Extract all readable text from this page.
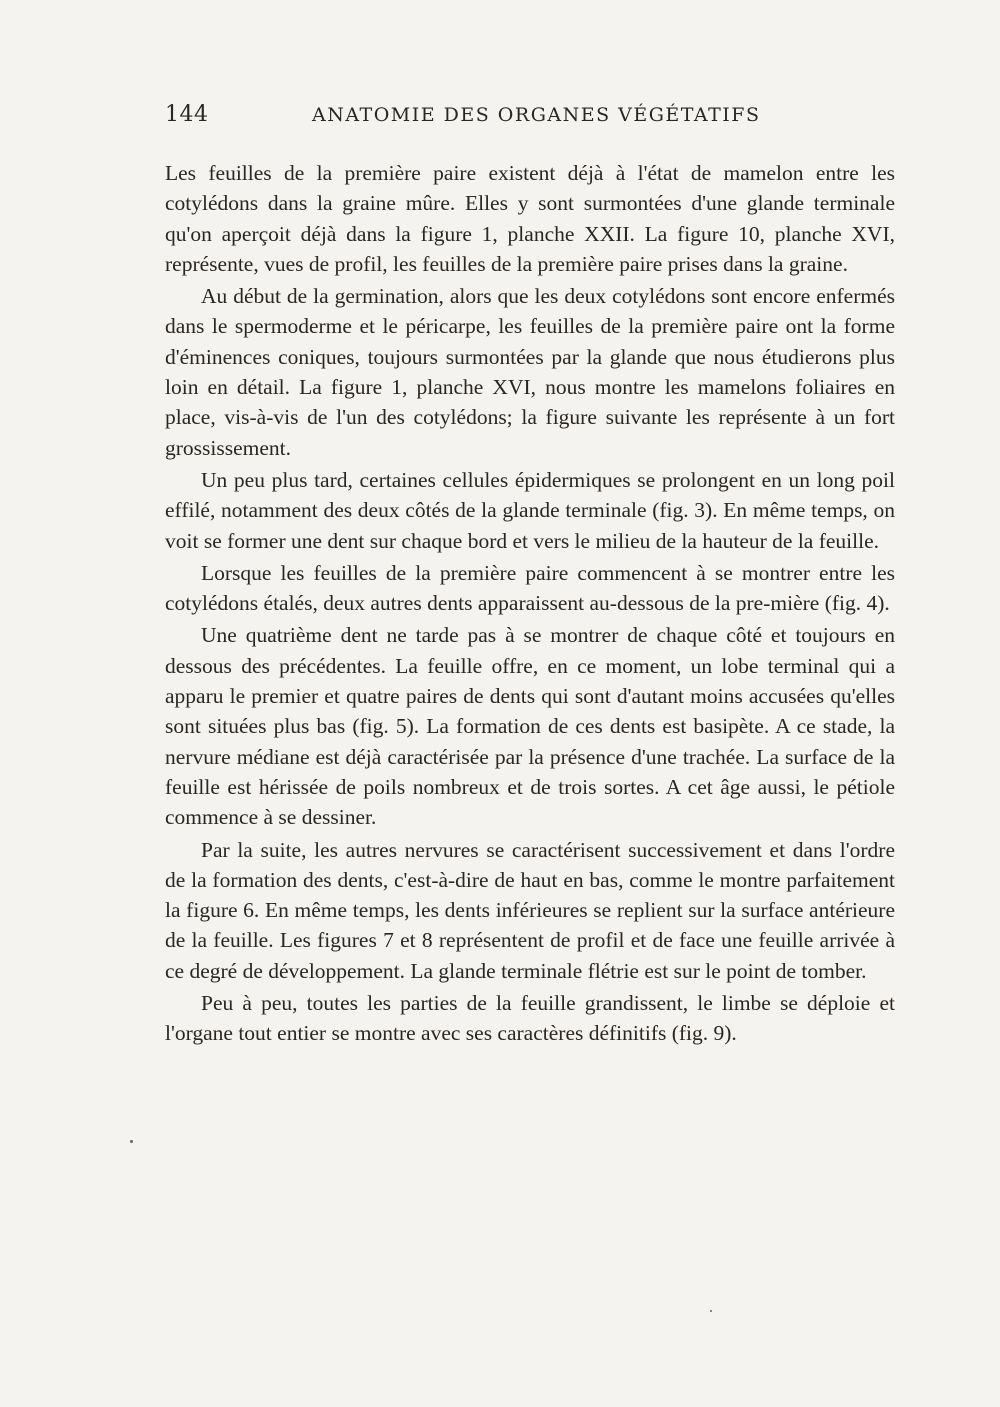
144	ANATOMIE DES ORGANES VÉGÉTATIFS

Les feuilles de la première paire existent déjà à l'état de mamelon entre les cotylédons dans la graine mûre. Elles y sont surmontées d'une glande terminale qu'on aperçoit déjà dans la figure 1, planche XXII. La figure 10, planche XVI, représente, vues de profil, les feuilles de la première paire prises dans la graine.

Au début de la germination, alors que les deux cotylédons sont encore enfermés dans le spermoderme et le péricarpe, les feuilles de la première paire ont la forme d'éminences coniques, toujours surmontées par la glande que nous étudierons plus loin en détail. La figure 1, planche XVI, nous montre les mamelons foliaires en place, vis-à-vis de l'un des cotylédons; la figure suivante les représente à un fort grossissement.

Un peu plus tard, certaines cellules épidermiques se prolongent en un long poil effilé, notamment des deux côtés de la glande terminale (fig. 3). En même temps, on voit se former une dent sur chaque bord et vers le milieu de la hauteur de la feuille.

Lorsque les feuilles de la première paire commencent à se montrer entre les cotylédons étalés, deux autres dents apparaissent au-dessous de la pre-mière (fig. 4).

Une quatrième dent ne tarde pas à se montrer de chaque côté et toujours en dessous des précédentes. La feuille offre, en ce moment, un lobe terminal qui a apparu le premier et quatre paires de dents qui sont d'autant moins accusées qu'elles sont situées plus bas (fig. 5). La formation de ces dents est basipète. A ce stade, la nervure médiane est déjà caractérisée par la présence d'une trachée. La surface de la feuille est hérissée de poils nombreux et de trois sortes. A cet âge aussi, le pétiole commence à se dessiner.

Par la suite, les autres nervures se caractérisent successivement et dans l'ordre de la formation des dents, c'est-à-dire de haut en bas, comme le montre parfaitement la figure 6. En même temps, les dents inférieures se replient sur la surface antérieure de la feuille. Les figures 7 et 8 représentent de profil et de face une feuille arrivée à ce degré de développement. La glande terminale flétrie est sur le point de tomber.

Peu à peu, toutes les parties de la feuille grandissent, le limbe se déploie et l'organe tout entier se montre avec ses caractères définitifs (fig. 9).
